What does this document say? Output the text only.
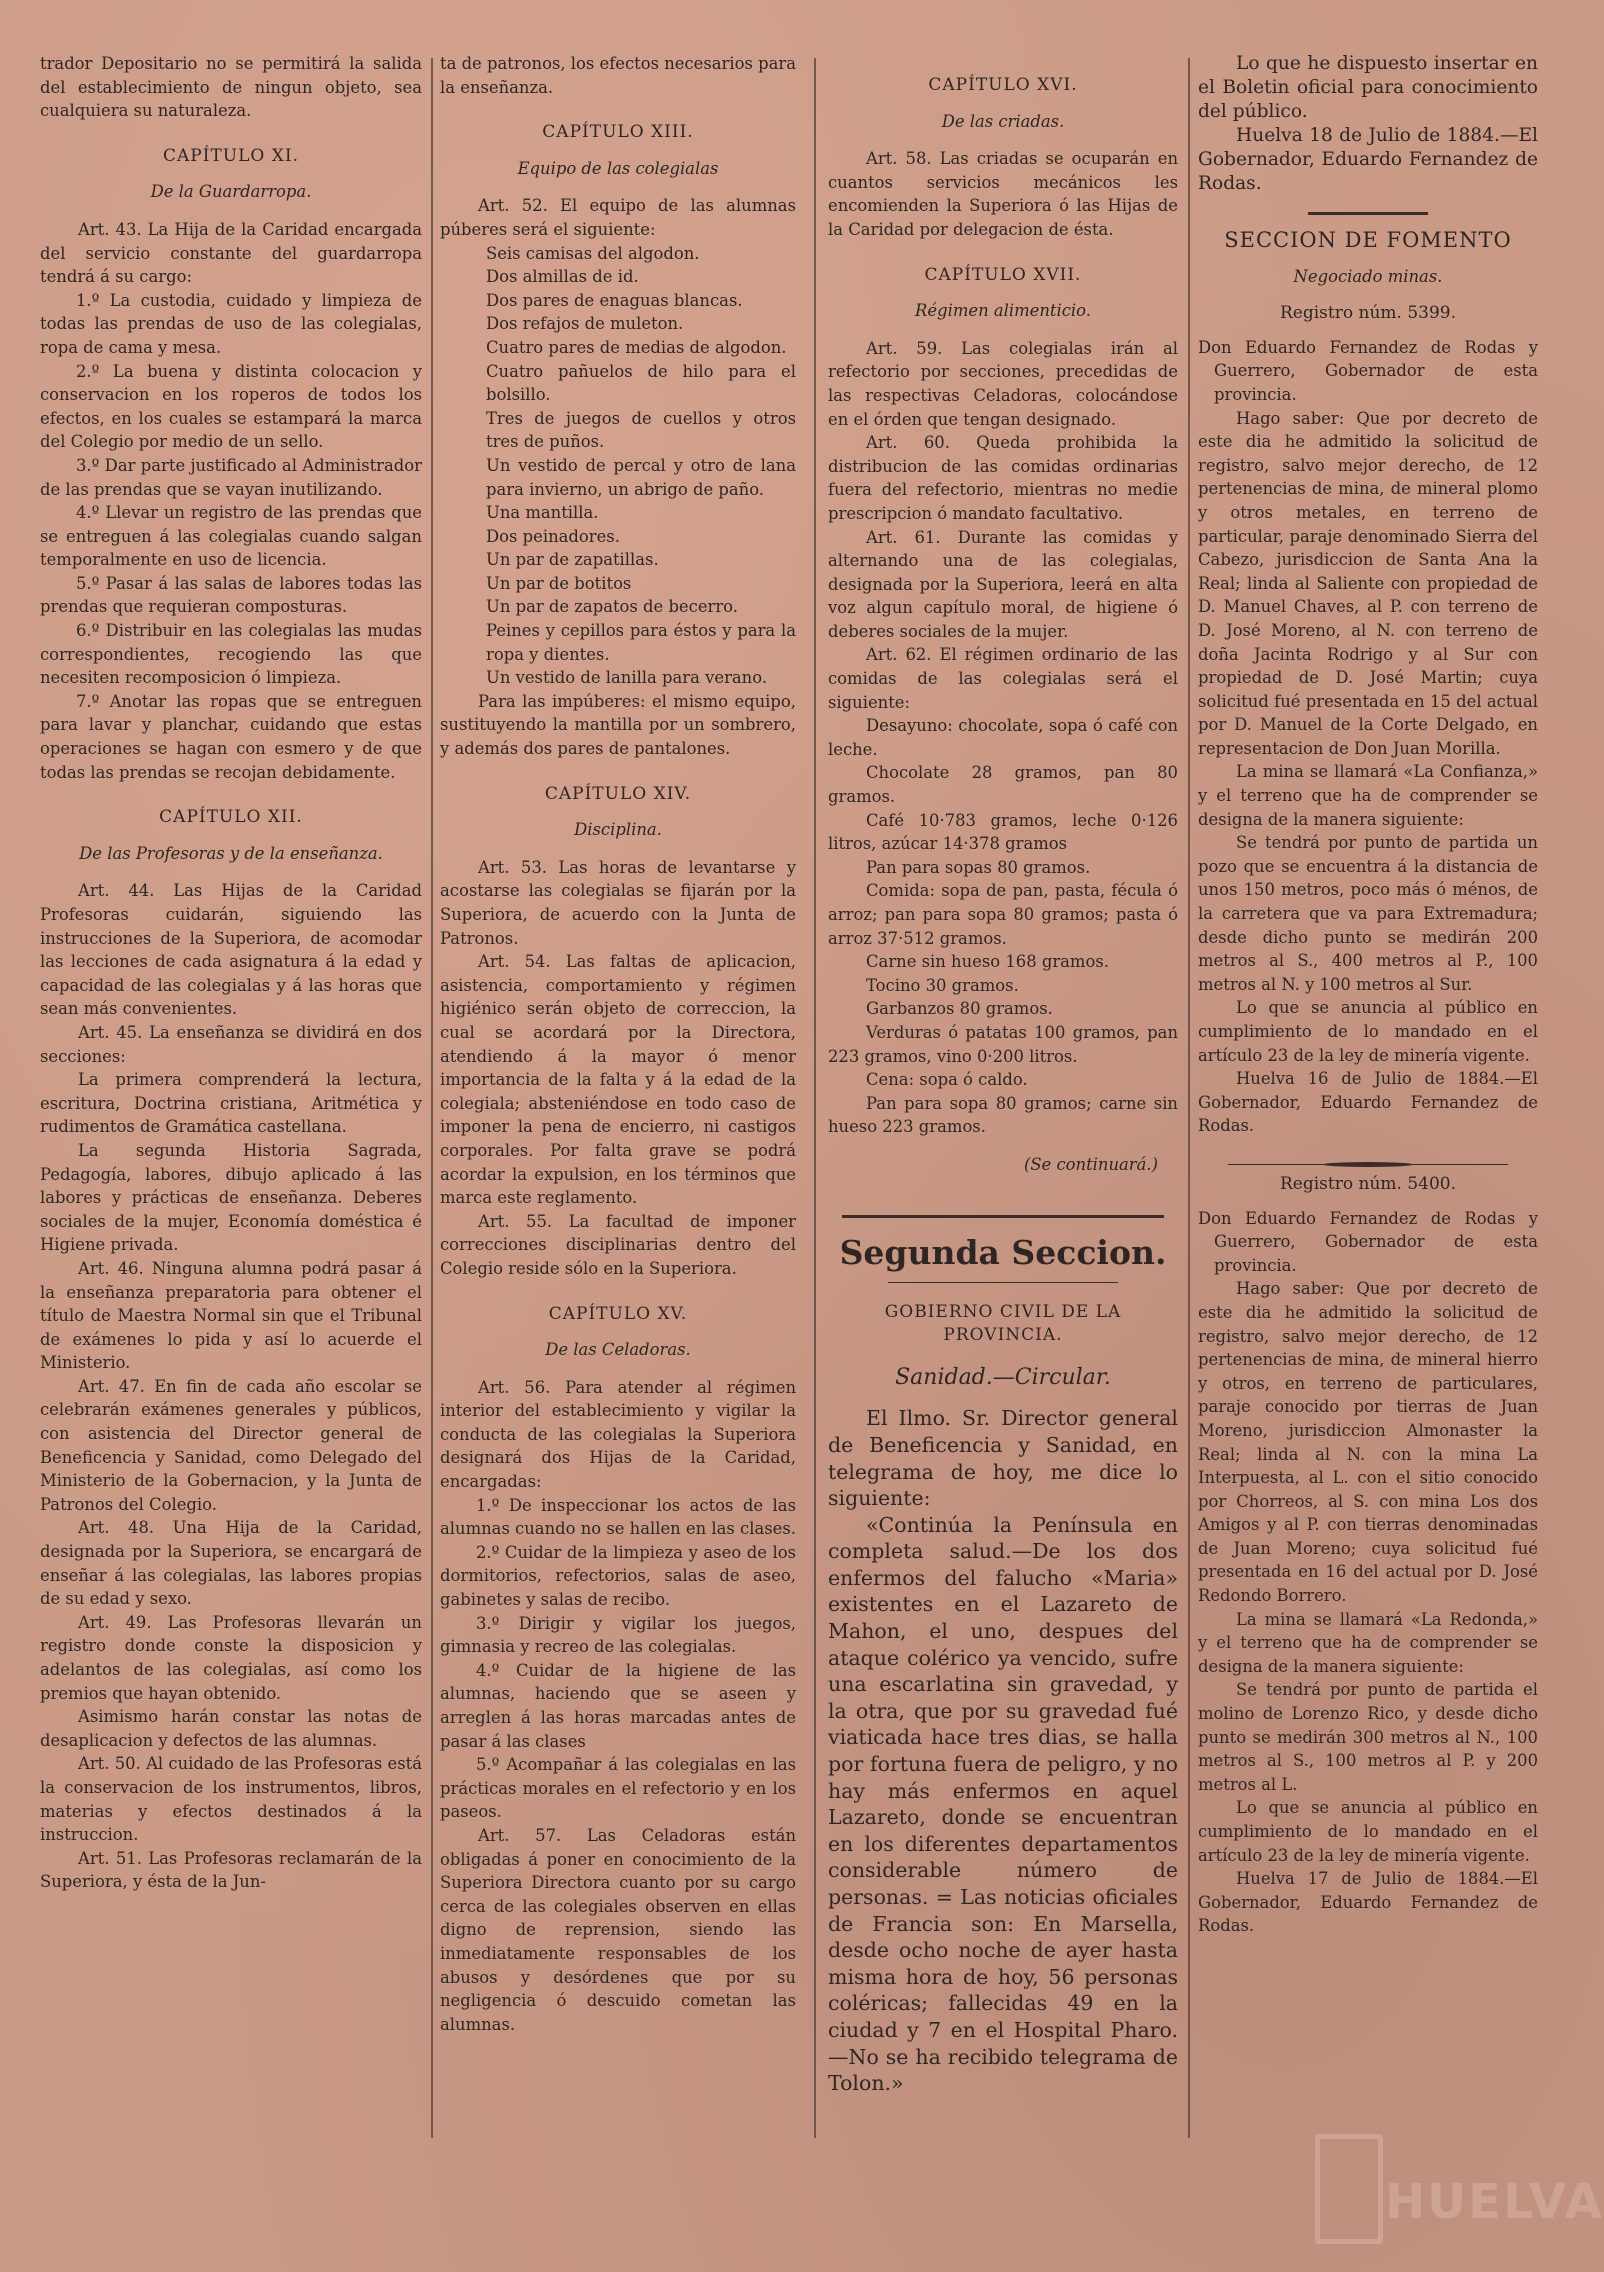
trador Depositario no se permitirá la salida del establecimiento de ningun objeto, sea cualquiera su naturaleza.

CAPÍTULO XI.

De la Guardarropa.

Art. 43. La Hija de la Caridad encargada del servicio constante del guardarropa tendrá á su cargo:

1.º La custodia, cuidado y limpieza de todas las prendas de uso de las colegialas, ropa de cama y mesa.

2.º La buena y distinta colocacion y conservacion en los roperos de todos los efectos, en los cuales se estampará la marca del Colegio por medio de un sello.

3.º Dar parte justificado al Administrador de las prendas que se vayan inutilizando.

4.º Llevar un registro de las prendas que se entreguen á las colegialas cuando salgan temporalmente en uso de licencia.

5.º Pasar á las salas de labores todas las prendas que requieran composturas.

6.º Distribuir en las colegialas las mudas correspondientes, recogiendo las que necesiten recomposicion ó limpieza.

7.º Anotar las ropas que se entreguen para lavar y planchar, cuidando que estas operaciones se hagan con esmero y de que todas las prendas se recojan debidamente.

CAPÍTULO XII.

De las Profesoras y de la enseñanza.

Art. 44. Las Hijas de la Caridad Profesoras cuidarán, siguiendo las instrucciones de la Superiora, de acomodar las lecciones de cada asignatura á la edad y capacidad de las colegialas y á las horas que sean más convenientes.

Art. 45. La enseñanza se dividirá en dos secciones:

La primera comprenderá la lectura, escritura, Doctrina cristiana, Aritmética y rudimentos de Gramática castellana.

La segunda Historia Sagrada, Pedagogía, labores, dibujo aplicado á las labores y prácticas de enseñanza. Deberes sociales de la mujer, Economía doméstica é Higiene privada.

Art. 46. Ninguna alumna podrá pasar á la enseñanza preparatoria para obtener el título de Maestra Normal sin que el Tribunal de exámenes lo pida y así lo acuerde el Ministerio.

Art. 47. En fin de cada año escolar se celebrarán exámenes generales y públicos, con asistencia del Director general de Beneficencia y Sanidad, como Delegado del Ministerio de la Gobernacion, y la Junta de Patronos del Colegio.

Art. 48. Una Hija de la Caridad, designada por la Superiora, se encargará de enseñar á las colegialas, las labores propias de su edad y sexo.

Art. 49. Las Profesoras llevarán un registro donde conste la disposicion y adelantos de las colegialas, así como los premios que hayan obtenido.

Asimismo harán constar las notas de desaplicacion y defectos de las alumnas.

Art. 50. Al cuidado de las Profesoras está la conservacion de los instrumentos, libros, materias y efectos destinados á la instruccion.

Art. 51. Las Profesoras reclamarán de la Superiora, y ésta de la Jun-

ta de patronos, los efectos necesarios para la enseñanza.

CAPÍTULO XIII.

Equipo de las colegialas

Art. 52. El equipo de las alumnas púberes será el siguiente:

Seis camisas del algodon.

Dos almillas de id.

Dos pares de enaguas blancas.

Dos refajos de muleton.

Cuatro pares de medias de algodon.

Cuatro pañuelos de hilo para el bolsillo.

Tres de juegos de cuellos y otros tres de puños.

Un vestido de percal y otro de lana para invierno, un abrigo de paño.

Una mantilla.

Dos peinadores.

Un par de zapatillas.

Un par de botitos

Un par de zapatos de becerro.

Peines y cepillos para éstos y para la ropa y dientes.

Un vestido de lanilla para verano.

Para las impúberes: el mismo equipo, sustituyendo la mantilla por un sombrero, y además dos pares de pantalones.

CAPÍTULO XIV.

Disciplina.

Art. 53. Las horas de levantarse y acostarse las colegialas se fijarán por la Superiora, de acuerdo con la Junta de Patronos.

Art. 54. Las faltas de aplicacion, asistencia, comportamiento y régimen higiénico serán objeto de correccion, la cual se acordará por la Directora, atendiendo á la mayor ó menor importancia de la falta y á la edad de la colegiala; absteniéndose en todo caso de imponer la pena de encierro, ni castigos corporales. Por falta grave se podrá acordar la expulsion, en los términos que marca este reglamento.

Art. 55. La facultad de imponer correcciones disciplinarias dentro del Colegio reside sólo en la Superiora.

CAPÍTULO XV.

De las Celadoras.

Art. 56. Para atender al régimen interior del establecimiento y vigilar la conducta de las colegialas la Superiora designará dos Hijas de la Caridad, encargadas:

1.º De inspeccionar los actos de las alumnas cuando no se hallen en las clases.

2.º Cuidar de la limpieza y aseo de los dormitorios, refectorios, salas de aseo, gabinetes y salas de recibo.

3.º Dirigir y vigilar los juegos, gimnasia y recreo de las colegialas.

4.º Cuidar de la higiene de las alumnas, haciendo que se aseen y arreglen á las horas marcadas antes de pasar á las clases

5.º Acompañar á las colegialas en las prácticas morales en el refectorio y en los paseos.

Art. 57. Las Celadoras están obligadas á poner en conocimiento de la Superiora Directora cuanto por su cargo cerca de las colegiales observen en ellas digno de reprension, siendo las inmediatamente responsables de los abusos y desórdenes que por su negligencia ó descuido cometan las alumnas.

CAPÍTULO XVI.

De las criadas.

Art. 58. Las criadas se ocuparán en cuantos servicios mecánicos les encomienden la Superiora ó las Hijas de la Caridad por delegacion de ésta.

CAPÍTULO XVII.

Régimen alimenticio.

Art. 59. Las colegialas irán al refectorio por secciones, precedidas de las respectivas Celadoras, colocándose en el órden que tengan designado.

Art. 60. Queda prohibida la distribucion de las comidas ordinarias fuera del refectorio, mientras no medie prescripcion ó mandato facultativo.

Art. 61. Durante las comidas y alternando una de las colegialas, designada por la Superiora, leerá en alta voz algun capítulo moral, de higiene ó deberes sociales de la mujer.

Art. 62. El régimen ordinario de las comidas de las colegialas será el siguiente:

Desayuno: chocolate, sopa ó café con leche.

Chocolate 28 gramos, pan 80 gramos.

Café 10·783 gramos, leche 0·126 litros, azúcar 14·378 gramos

Pan para sopas 80 gramos.

Comida: sopa de pan, pasta, fécula ó arroz; pan para sopa 80 gramos; pasta ó arroz 37·512 gramos.

Carne sin hueso 168 gramos.

Tocino 30 gramos.

Garbanzos 80 gramos.

Verduras ó patatas 100 gramos, pan 223 gramos, vino 0·200 litros.

Cena: sopa ó caldo.

Pan para sopa 80 gramos; carne sin hueso 223 gramos.

(Se continuará.)

Segunda Seccion.

GOBIERNO CIVIL DE LA PROVINCIA.

Sanidad.—Circular.

El Ilmo. Sr. Director general de Beneficencia y Sanidad, en telegrama de hoy, me dice lo siguiente:

«Continúa la Península en completa salud.—De los dos enfermos del falucho «Maria» existentes en el Lazareto de Mahon, el uno, despues del ataque colérico ya vencido, sufre una escarlatina sin gravedad, y la otra, que por su gravedad fué viaticada hace tres dias, se halla por fortuna fuera de peligro, y no hay más enfermos en aquel Lazareto, donde se encuentran en los diferentes departamentos considerable número de personas. = Las noticias oficiales de Francia son: En Marsella, desde ocho noche de ayer hasta misma hora de hoy, 56 personas coléricas; fallecidas 49 en la ciudad y 7 en el Hospital Pharo.—No se ha recibido telegrama de Tolon.»

Lo que he dispuesto insertar en el Boletin oficial para conocimiento del público.

Huelva 18 de Julio de 1884.—El Gobernador, Eduardo Fernandez de Rodas.

SECCION DE FOMENTO

Negociado minas.

Registro núm. 5399.

Don Eduardo Fernandez de Rodas y Guerrero, Gobernador de esta provincia.

Hago saber: Que por decreto de este dia he admitido la solicitud de registro, salvo mejor derecho, de 12 pertenencias de mina, de mineral plomo y otros metales, en terreno de particular, paraje denominado Sierra del Cabezo, jurisdiccion de Santa Ana la Real; linda al Saliente con propiedad de D. Manuel Chaves, al P. con terreno de D. José Moreno, al N. con terreno de doña Jacinta Rodrigo y al Sur con propiedad de D. José Martin; cuya solicitud fué presentada en 15 del actual por D. Manuel de la Corte Delgado, en representacion de Don Juan Morilla.

La mina se llamará «La Confianza,» y el terreno que ha de comprender se designa de la manera siguiente:

Se tendrá por punto de partida un pozo que se encuentra á la distancia de unos 150 metros, poco más ó ménos, de la carretera que va para Extremadura; desde dicho punto se medirán 200 metros al S., 400 metros al P., 100 metros al N. y 100 metros al Sur.

Lo que se anuncia al público en cumplimiento de lo mandado en el artículo 23 de la ley de minería vigente.

Huelva 16 de Julio de 1884.—El Gobernador, Eduardo Fernandez de Rodas.

Registro núm. 5400.

Don Eduardo Fernandez de Rodas y Guerrero, Gobernador de esta provincia.

Hago saber: Que por decreto de este dia he admitido la solicitud de registro, salvo mejor derecho, de 12 pertenencias de mina, de mineral hierro y otros, en terreno de particulares, paraje conocido por tierras de Juan Moreno, jurisdiccion Almonaster la Real; linda al N. con la mina La Interpuesta, al L. con el sitio conocido por Chorreos, al S. con mina Los dos Amigos y al P. con tierras denominadas de Juan Moreno; cuya solicitud fué presentada en 16 del actual por D. José Redondo Borrero.

La mina se llamará «La Redonda,» y el terreno que ha de comprender se designa de la manera siguiente:

Se tendrá por punto de partida el molino de Lorenzo Rico, y desde dicho punto se medirán 300 metros al N., 100 metros al S., 100 metros al P. y 200 metros al L.

Lo que se anuncia al público en cumplimiento de lo mandado en el artículo 23 de la ley de minería vigente.

Huelva 17 de Julio de 1884.—El Gobernador, Eduardo Fernandez de Rodas.

HUELVA
